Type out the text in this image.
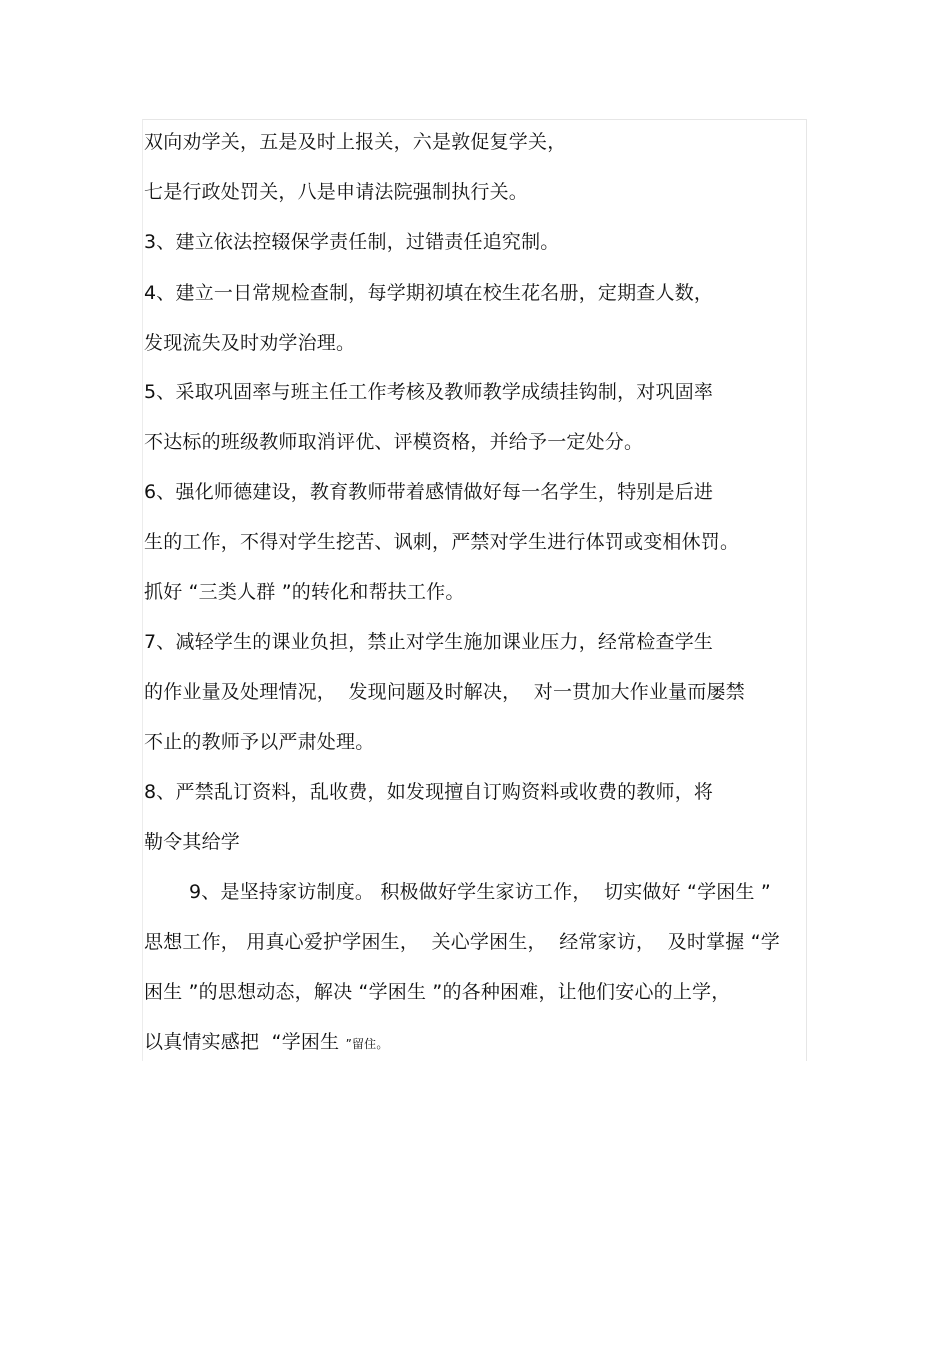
双向劝学关，五是及时上报关，六是敦促复学关，
七是行政处罚关，八是申请法院强制执行关。
3、建立依法控辍保学责任制，过错责任追究制。
4、建立一日常规检查制，每学期初填在校生花名册，定期查人数，
发现流失及时劝学治理。
5、采取巩固率与班主任工作考核及教师教学成绩挂钩制，对巩固率
不达标的班级教师取消评优、评模资格，并给予一定处分。
6、强化师德建设，教育教师带着感情做好每一名学生，特别是后进
生的工作，不得对学生挖苦、讽刺，严禁对学生进行体罚或变相休罚。
抓好 “三类人群 ”的转化和帮扶工作。
7、减轻学生的课业负担，禁止对学生施加课业压力，经常检查学生
的作业量及处理情况，  发现问题及时解决，  对一贯加大作业量而屡禁
不止的教师予以严肃处理。
8、严禁乱订资料，乱收费，如发现擅自订购资料或收费的教师，将
勒令其给学
9、是坚持家访制度。 积极做好学生家访工作，  切实做好 “学困生 ”
思想工作， 用真心爱护学困生，  关心学困生，  经常家访，  及时掌握 “学
困生 ”的思想动态，解决 “学困生 ”的各种困难，让他们安心的上学，
以真情实感把  “学困生 ”留住。
